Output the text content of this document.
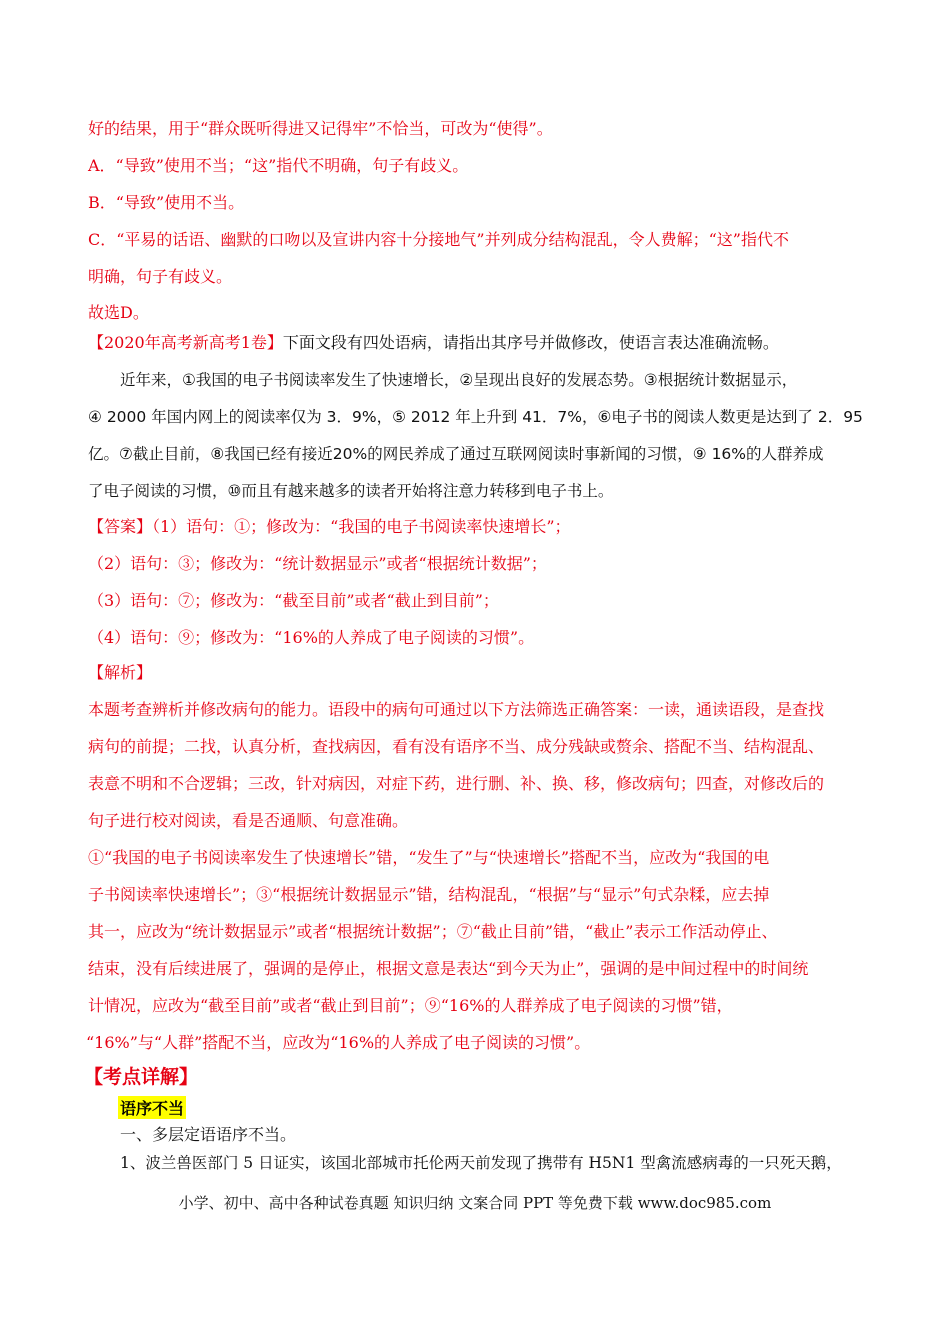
好的结果，用于“群众既听得进又记得牢”不恰当，可改为“使得”。
A．“导致”使用不当；“这”指代不明确，句子有歧义。
B．“导致”使用不当。
C．“平易的话语、幽默的口吻以及宣讲内容十分接地气”并列成分结构混乱，令人费解；“这”指代不
明确，句子有歧义。
故选D。
【2020年高考新高考1卷】下面文段有四处语病，请指出其序号并做修改，使语言表达准确流畅。
近年来，①我国的电子书阅读率发生了快速增长，②呈现出良好的发展态势。③根据统计数据显示，
④ 2000 年国内网上的阅读率仅为 3．9%，⑤ 2012 年上升到 41．7%，⑥电子书的阅读人数更是达到了 2．95
亿。⑦截止目前，⑧我国已经有接近20%的网民养成了通过互联网阅读时事新闻的习惯，⑨ 16%的人群养成
了电子阅读的习惯，⑩而且有越来越多的读者开始将注意力转移到电子书上。
【答案】（1）语句：①；修改为：“我国的电子书阅读率快速增长”；
（2）语句：③；修改为：“统计数据显示”或者“根据统计数据”；
（3）语句：⑦；修改为：“截至目前”或者“截止到目前”；
（4）语句：⑨；修改为：“16%的人养成了电子阅读的习惯”。
【解析】
本题考查辨析并修改病句的能力。语段中的病句可通过以下方法筛选正确答案：一读，通读语段，是查找
病句的前提；二找，认真分析，查找病因，看有没有语序不当、成分残缺或赘余、搭配不当、结构混乱、
表意不明和不合逻辑；三改，针对病因，对症下药，进行删、补、换、移，修改病句；四查，对修改后的
句子进行校对阅读，看是否通顺、句意准确。
①“我国的电子书阅读率发生了快速增长”错，“发生了”与“快速增长”搭配不当，应改为“我国的电
子书阅读率快速增长”；③“根据统计数据显示”错，结构混乱，“根据”与“显示”句式杂糅，应去掉
其一，应改为“统计数据显示”或者“根据统计数据”；⑦“截止目前”错，“截止”表示工作活动停止、
结束，没有后续进展了，强调的是停止，根据文意是表达“到今天为止”，强调的是中间过程中的时间统
计情况，应改为“截至目前”或者“截止到目前”；⑨“16%的人群养成了电子阅读的习惯”错，
“16%”与“人群”搭配不当，应改为“16%的人养成了电子阅读的习惯”。
【考点详解】
语序不当
一、多层定语语序不当。
1、波兰兽医部门 5 日证实，该国北部城市托伦两天前发现了携带有 H5N1 型禽流感病毒的一只死天鹅，
小学、初中、高中各种试卷真题 知识归纳 文案合同 PPT 等免费下载 www.doc985.com
